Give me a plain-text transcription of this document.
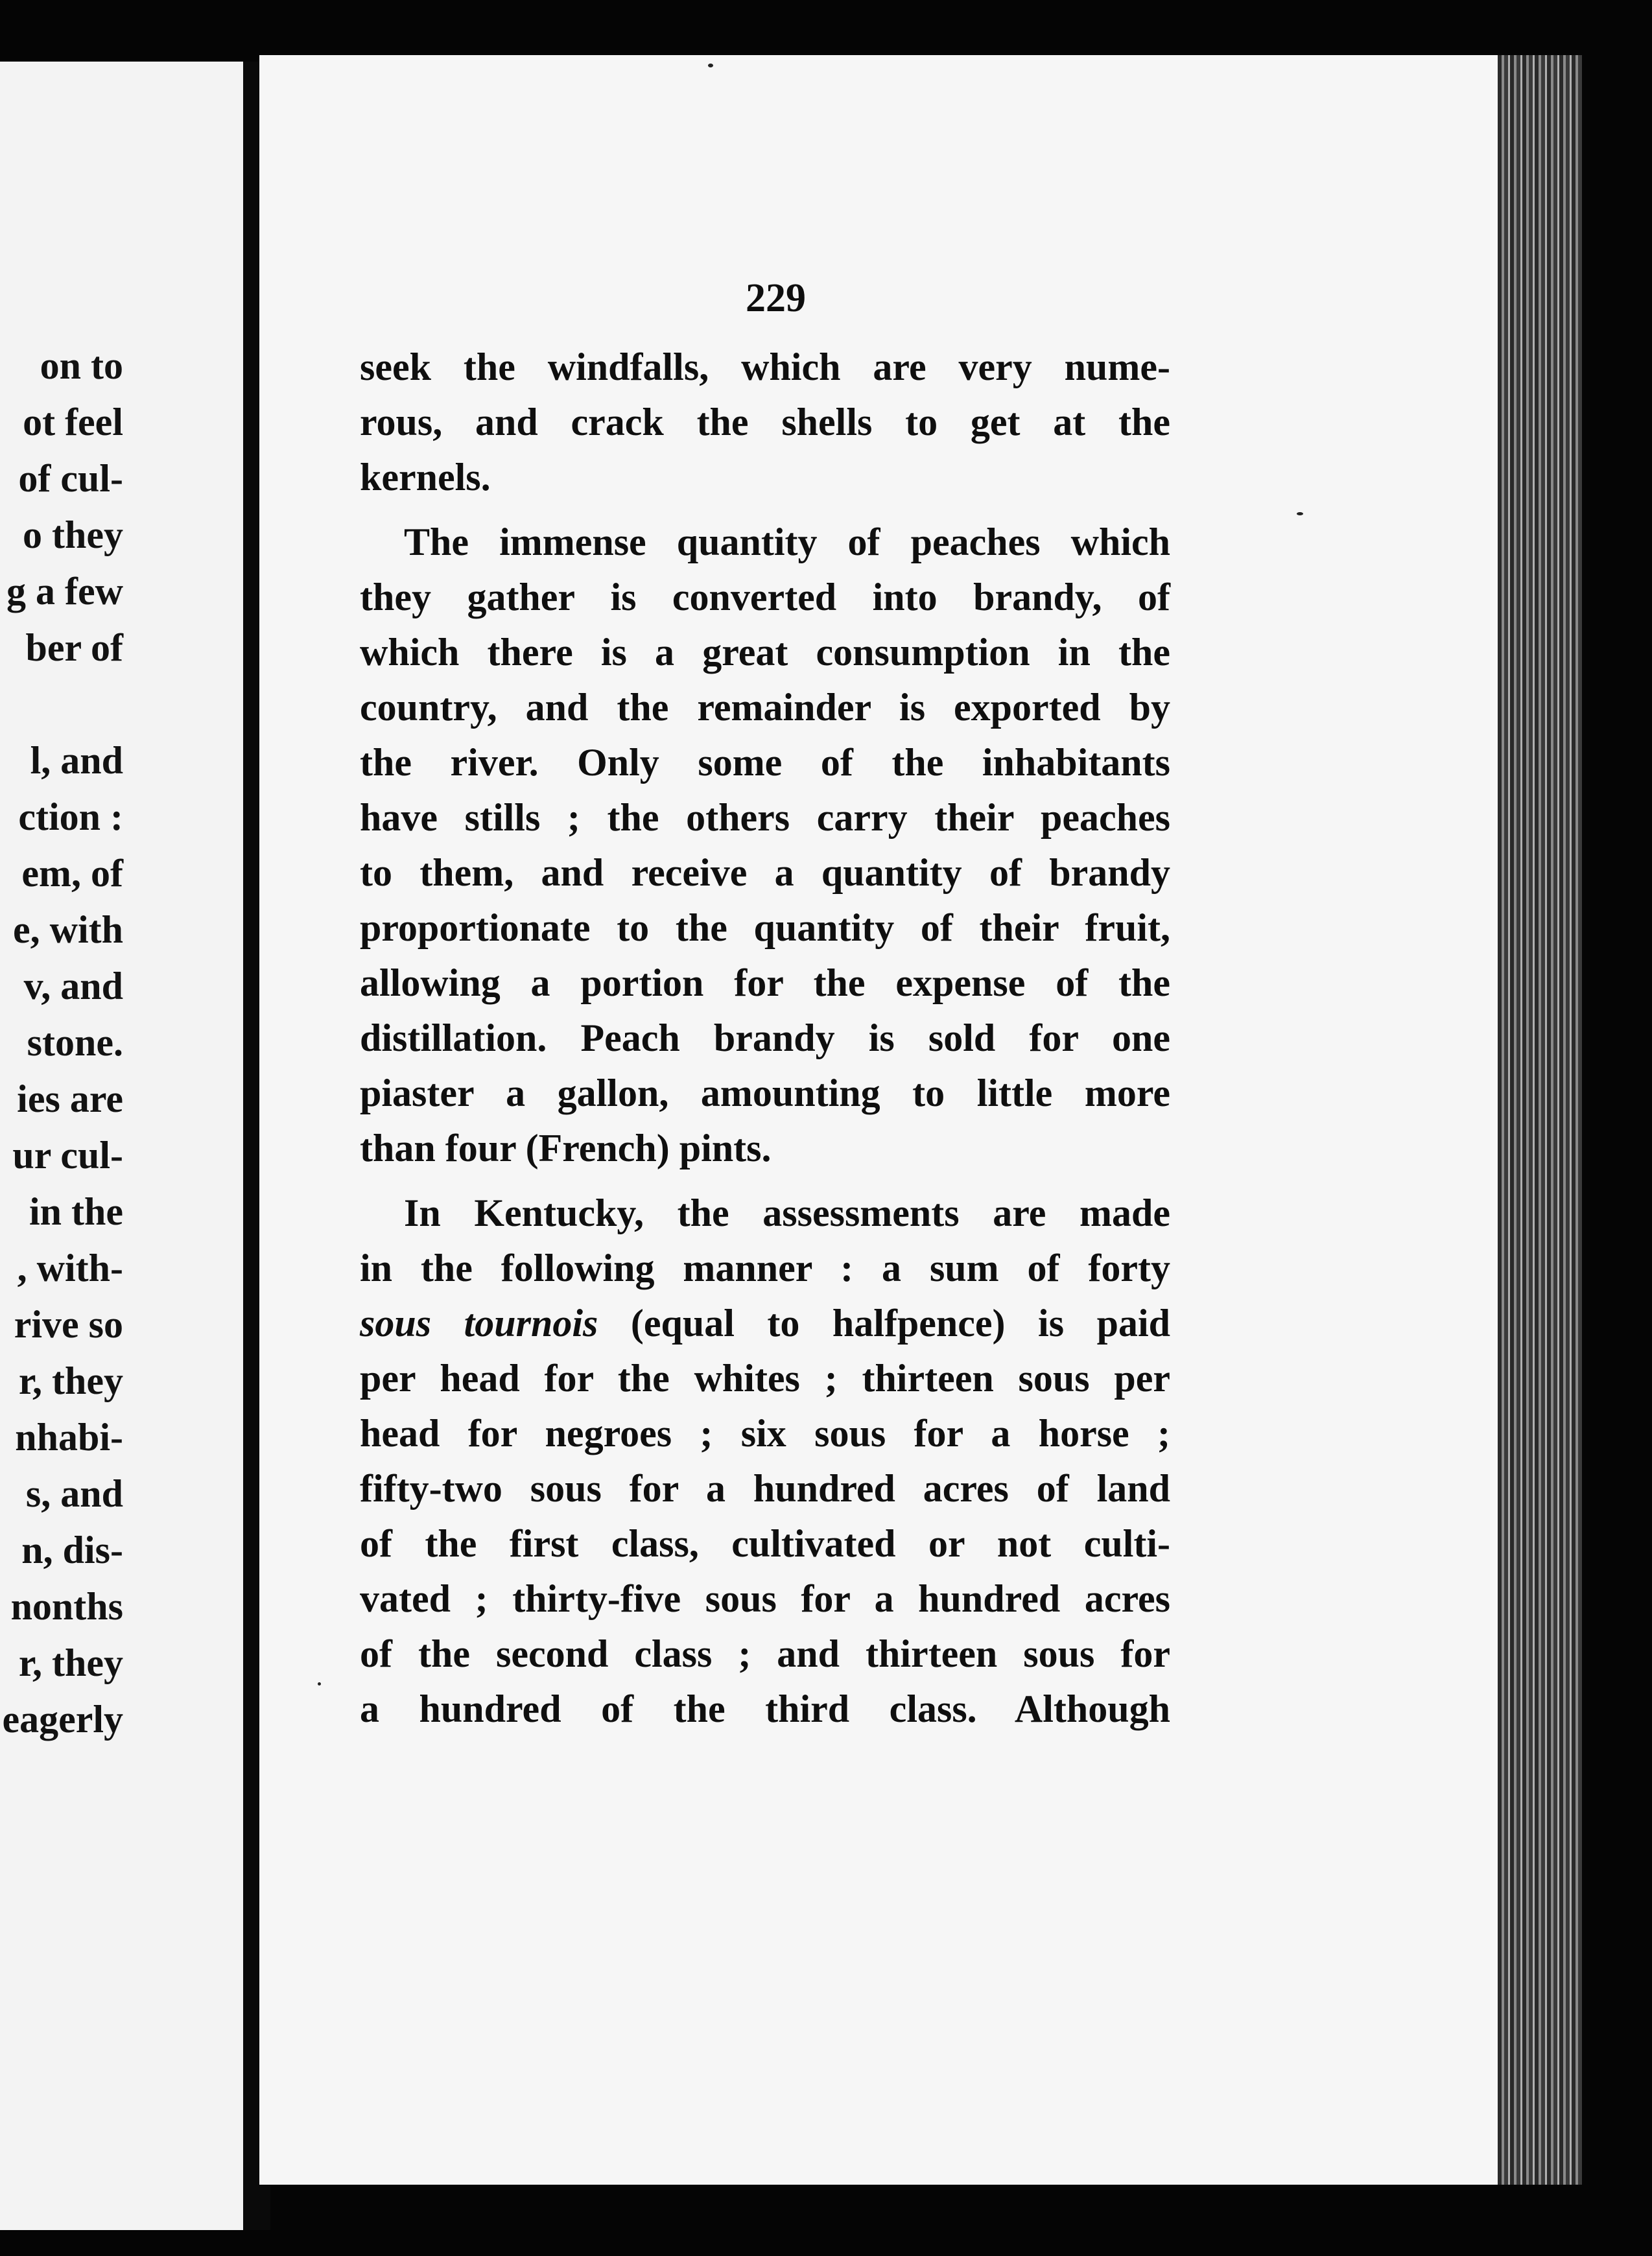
on to
ot feel
of cul-
o they
g a few
ber of
l, and
ction :
em, of
e, with
v, and
stone.
ies are
ur cul-
in the
, with-
rive so
r, they
nhabi-
s, and
n, dis-
nonths
r, they
eagerly
229
seek the windfalls, which are very nume-
rous, and crack the shells to get at the
kernels.
The immense quantity of peaches which
they gather is converted into brandy, of
which there is a great consumption in the
country, and the remainder is exported by
the river. Only some of the inhabitants
have stills ; the others carry their peaches
to them, and receive a quantity of brandy
proportionate to the quantity of their fruit,
allowing a portion for the expense of the
distillation. Peach brandy is sold for one
piaster a gallon, amounting to little more
than four (French) pints.
In Kentucky, the assessments are made
in the following manner : a sum of forty
sous tournois (equal to halfpence) is paid
per head for the whites ; thirteen sous per
head for negroes ; six sous for a horse ;
fifty-two sous for a hundred acres of land
of the first class, cultivated or not culti-
vated ; thirty-five sous for a hundred acres
of the second class ; and thirteen sous for
a hundred of the third class. Although
